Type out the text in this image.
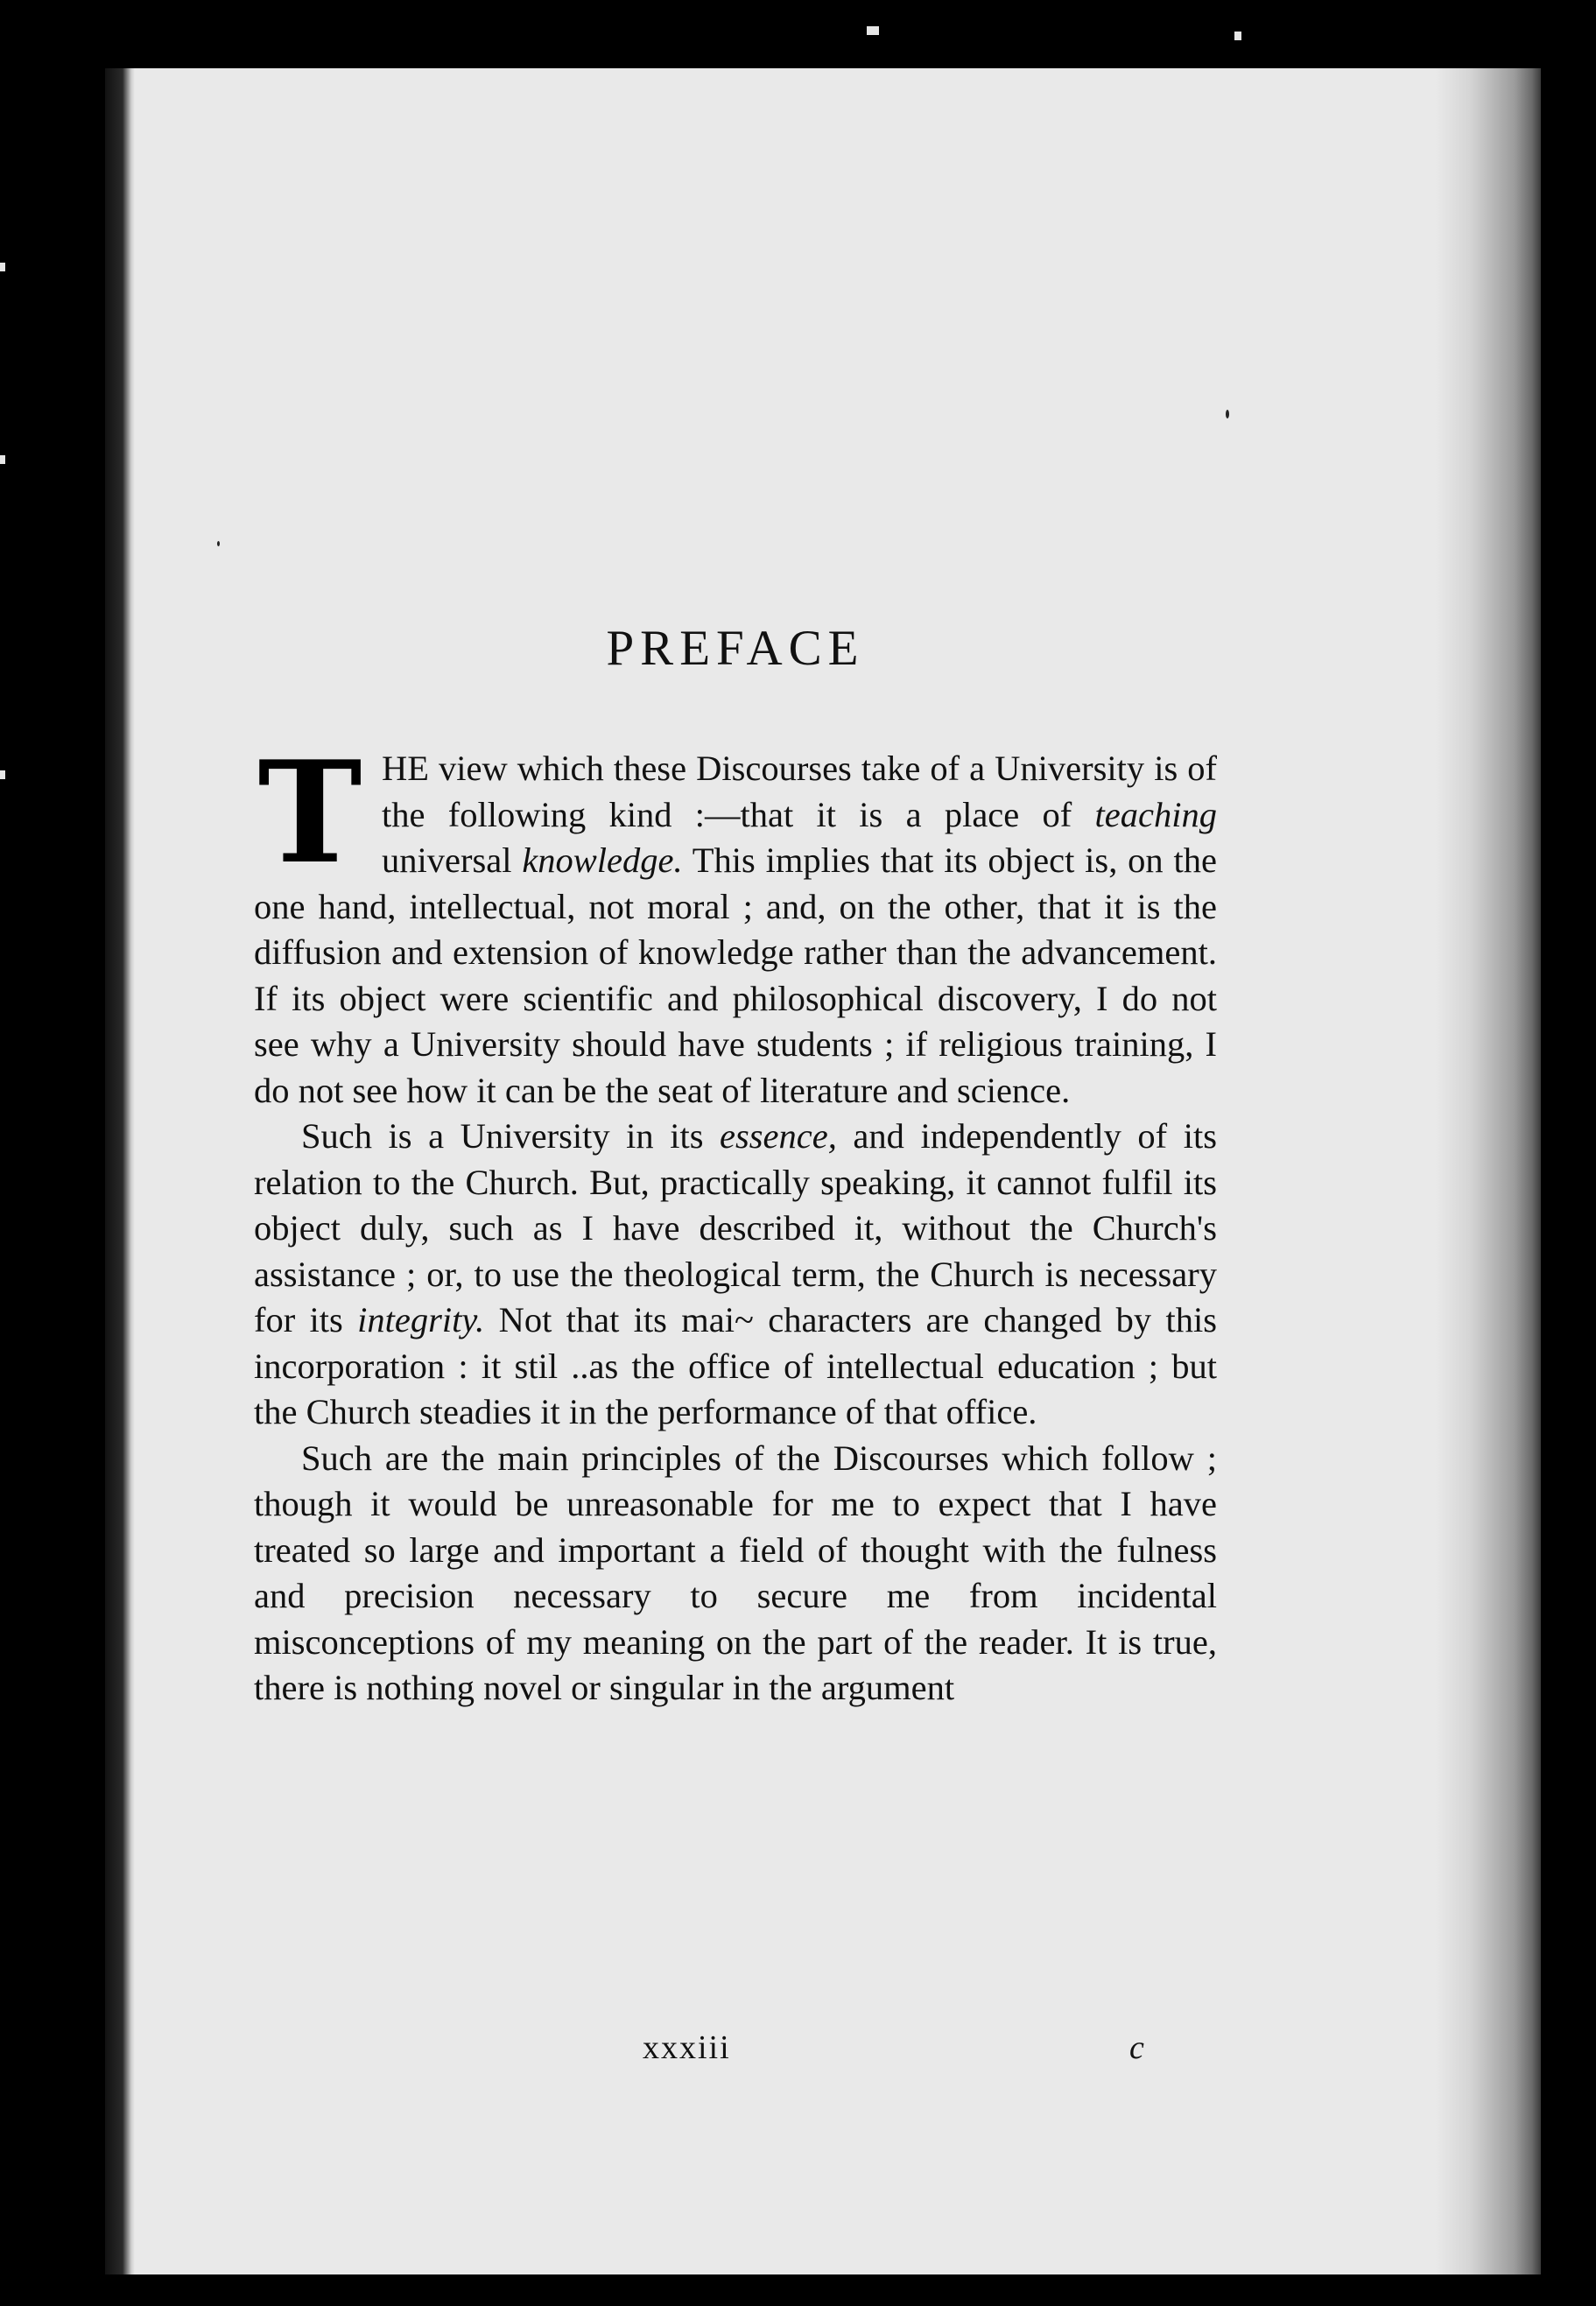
PREFACE

THE view which these Discourses take of a University is of the following kind :—that it is a place of teaching universal knowledge. This implies that its object is, on the one hand, intellectual, not moral ; and, on the other, that it is the diffusion and extension of knowledge rather than the advancement. If its object were scientific and philosophical discovery, I do not see why a University should have students ; if religious training, I do not see how it can be the seat of literature and science.

Such is a University in its essence, and independently of its relation to the Church. But, practically speaking, it cannot fulfil its object duly, such as I have described it, without the Church's assistance ; or, to use the theological term, the Church is necessary for its integrity. Not that its mai~ characters are changed by this incorporation : it stil ..as the office of intellectual education ; but the Church steadies it in the performance of that office.

Such are the main principles of the Discourses which follow ; though it would be unreasonable for me to expect that I have treated so large and important a field of thought with the fulness and precision necessary to secure me from incidental misconceptions of my meaning on the part of the reader. It is true, there is nothing novel or singular in the argument

xxxiii	c
